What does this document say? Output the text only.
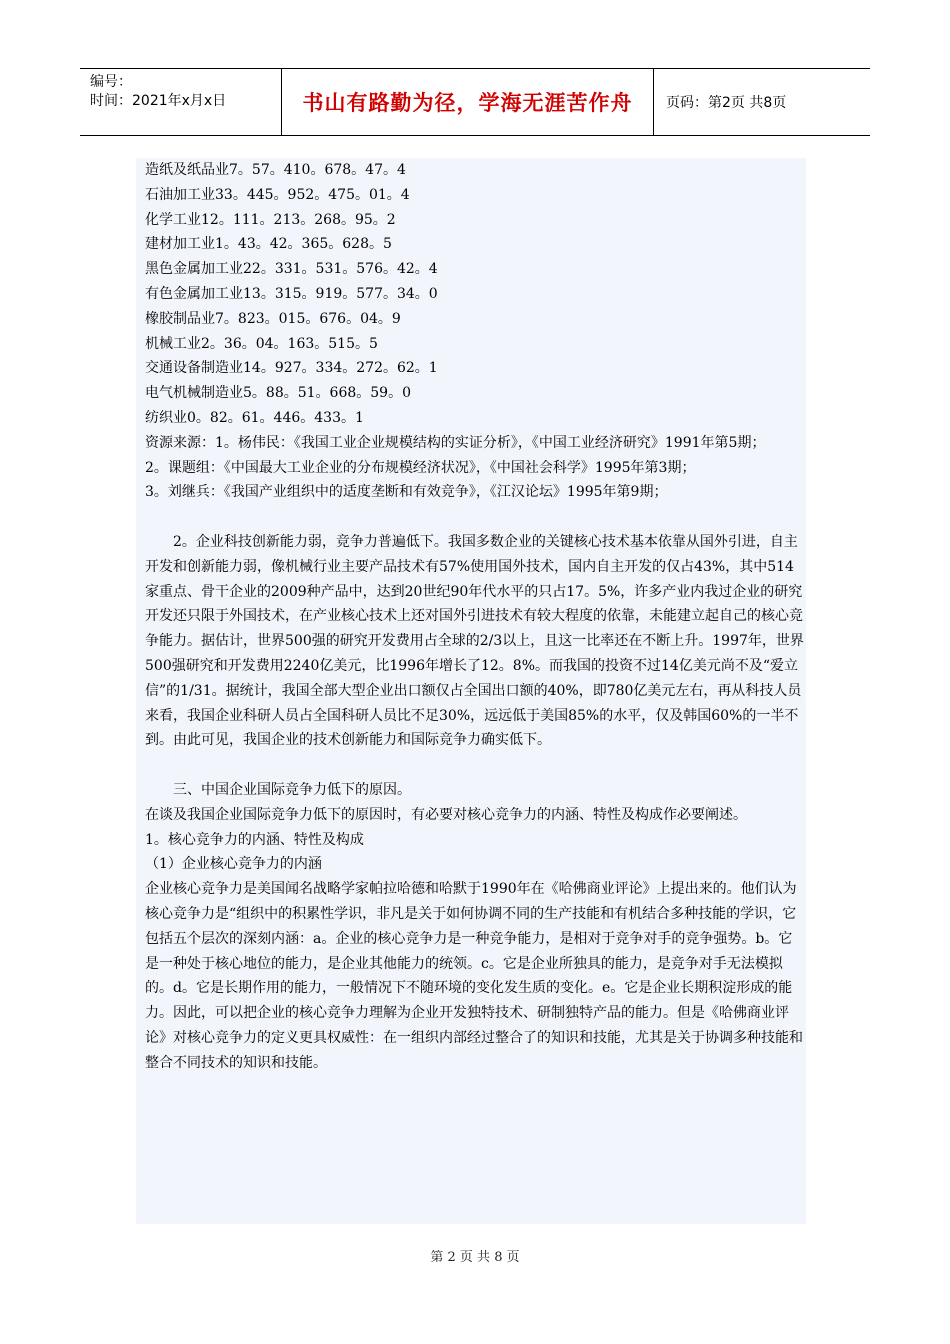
编号：
时间：2021年x月x日	书山有路勤为径，学海无涯苦作舟	页码：第2页 共8页

造纸及纸品业7。57。410。678。47。4

石油加工业33。445。952。475。01。4

化学工业12。111。213。268。95。2

建材加工业1。43。42。365。628。5

黑色金属加工业22。331。531。576。42。4

有色金属加工业13。315。919。577。34。0

橡胶制品业7。823。015。676。04。9

机械工业2。36。04。163。515。5

交通设备制造业14。927。334。272。62。1

电气机械制造业5。88。51。668。59。0

纺织业0。82。61。446。433。1

资源来源：1。杨伟民：《我国工业企业规模结构的实证分析》，《中国工业经济研究》1991年第5期；

2。课题组：《中国最大工业企业的分布规模经济状况》，《中国社会科学》1995年第3期；

3。刘继兵：《我国产业组织中的适度垄断和有效竞争》，《江汉论坛》1995年第9期；

2。企业科技创新能力弱，竞争力普遍低下。我国多数企业的关键核心技术基本依靠从国外引进，自主开发和创新能力弱，像机械行业主要产品技术有57%使用国外技术，国内自主开发的仅占43%，其中514家重点、骨干企业的2009种产品中，达到20世纪90年代水平的只占17。5%，许多产业内我过企业的研究开发还只限于外国技术，在产业核心技术上还对国外引进技术有较大程度的依靠，未能建立起自己的核心竞争能力。据估计，世界500强的研究开发费用占全球的2/3以上，且这一比率还在不断上升。1997年，世界500强研究和开发费用2240亿美元，比1996年增长了12。8%。而我国的投资不过14亿美元尚不及“爱立信”的1/31。据统计，我国全部大型企业出口额仅占全国出口额的40%，即780亿美元左右，再从科技人员来看，我国企业科研人员占全国科研人员比不足30%，远远低于美国85%的水平，仅及韩国60%的一半不到。由此可见，我国企业的技术创新能力和国际竞争力确实低下。

三、中国企业国际竞争力低下的原因。

在谈及我国企业国际竞争力低下的原因时，有必要对核心竞争力的内涵、特性及构成作必要阐述。

1。核心竞争力的内涵、特性及构成

（1）企业核心竞争力的内涵

企业核心竞争力是美国闻名战略学家帕拉哈德和哈默于1990年在《哈佛商业评论》上提出来的。他们认为核心竞争力是“组织中的积累性学识，非凡是关于如何协调不同的生产技能和有机结合多种技能的学识，它包括五个层次的深刻内涵：a。企业的核心竞争力是一种竞争能力，是相对于竞争对手的竞争强势。b。它是一种处于核心地位的能力，是企业其他能力的统领。c。它是企业所独具的能力，是竞争对手无法模拟的。d。它是长期作用的能力，一般情况下不随环境的变化发生质的变化。e。它是企业长期积淀形成的能力。因此，可以把企业的核心竞争力理解为企业开发独特技术、研制独特产品的能力。但是《哈佛商业评论》对核心竞争力的定义更具权威性：在一组织内部经过整合了的知识和技能，尤其是关于协调多种技能和整合不同技术的知识和技能。

第 2 页 共 8 页
